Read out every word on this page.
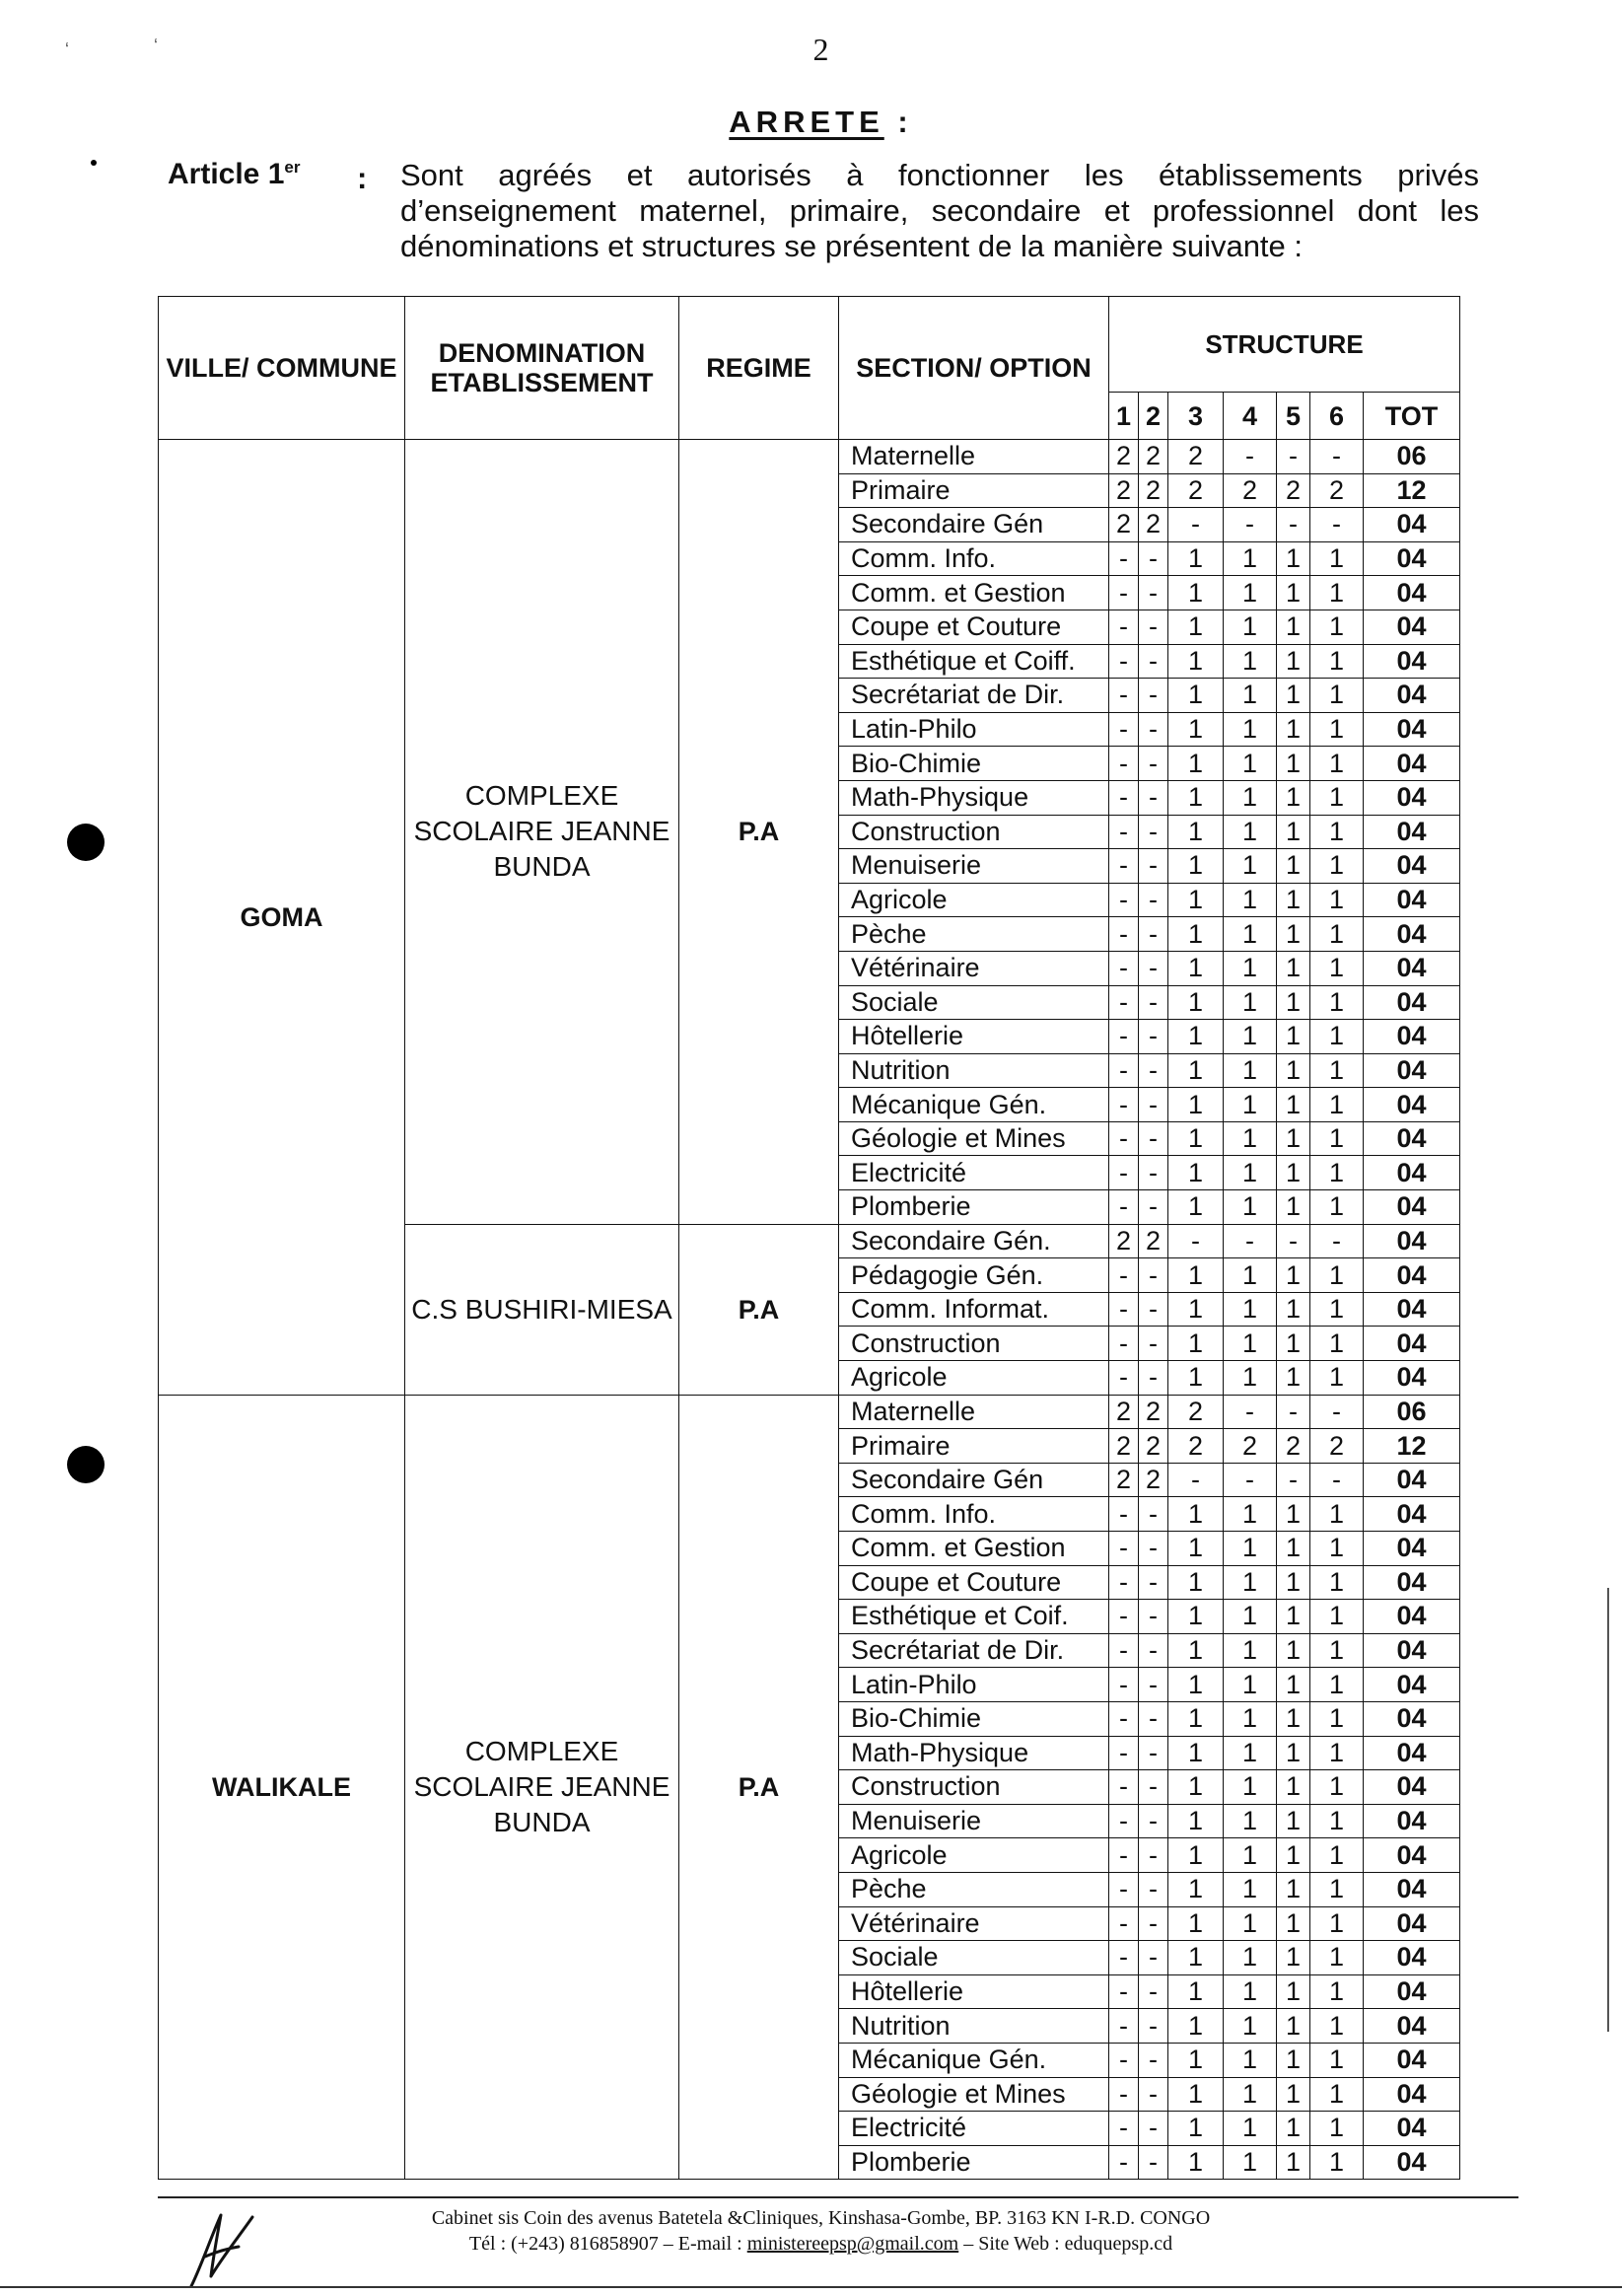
2
ARRETE :
‘	‘
Article 1er : Sont agréés et autorisés à fonctionner les établissements privés d’enseignement maternel, primaire, secondaire et professionnel dont les dénominations et structures se présentent de la manière suivante :
VILLE/ COMMUNE	DENOMINATION ETABLISSEMENT	REGIME	SECTION/ OPTION	STRUCTURE						
				1	2	3	4	5	6	TOT
GOMA	COMPLEXE SCOLAIRE JEANNE BUNDA	P.A	Maternelle	2	2	2	-	-	-	06
			Primaire	2	2	2	2	2	2	12
			Secondaire Gén	2	2	-	-	-	-	04
			Comm. Info.	-	-	1	1	1	1	04
			Comm. et Gestion	-	-	1	1	1	1	04
			Coupe et Couture	-	-	1	1	1	1	04
			Esthétique et Coiff.	-	-	1	1	1	1	04
			Secrétariat de Dir.	-	-	1	1	1	1	04
			Latin-Philo	-	-	1	1	1	1	04
			Bio-Chimie	-	-	1	1	1	1	04
			Math-Physique	-	-	1	1	1	1	04
			Construction	-	-	1	1	1	1	04
			Menuiserie	-	-	1	1	1	1	04
			Agricole	-	-	1	1	1	1	04
			Pèche	-	-	1	1	1	1	04
			Vétérinaire	-	-	1	1	1	1	04
			Sociale	-	-	1	1	1	1	04
			Hôtellerie	-	-	1	1	1	1	04
			Nutrition	-	-	1	1	1	1	04
			Mécanique Gén.	-	-	1	1	1	1	04
			Géologie et Mines	-	-	1	1	1	1	04
			Electricité	-	-	1	1	1	1	04
			Plomberie	-	-	1	1	1	1	04
	C.S BUSHIRI-MIESA	P.A	Secondaire Gén.	2	2	-	-	-	-	04
			Pédagogie Gén.	-	-	1	1	1	1	04
			Comm. Informat.	-	-	1	1	1	1	04
			Construction	-	-	1	1	1	1	04
			Agricole	-	-	1	1	1	1	04
WALIKALE	COMPLEXE SCOLAIRE JEANNE BUNDA	P.A	Maternelle	2	2	2	-	-	-	06
			Primaire	2	2	2	2	2	2	12
			Secondaire Gén	2	2	-	-	-	-	04
			Comm. Info.	-	-	1	1	1	1	04
			Comm. et Gestion	-	-	1	1	1	1	04
			Coupe et Couture	-	-	1	1	1	1	04
			Esthétique et Coif.	-	-	1	1	1	1	04
			Secrétariat de Dir.	-	-	1	1	1	1	04
			Latin-Philo	-	-	1	1	1	1	04
			Bio-Chimie	-	-	1	1	1	1	04
			Math-Physique	-	-	1	1	1	1	04
			Construction	-	-	1	1	1	1	04
			Menuiserie	-	-	1	1	1	1	04
			Agricole	-	-	1	1	1	1	04
			Pèche	-	-	1	1	1	1	04
			Vétérinaire	-	-	1	1	1	1	04
			Sociale	-	-	1	1	1	1	04
			Hôtellerie	-	-	1	1	1	1	04
			Nutrition	-	-	1	1	1	1	04
			Mécanique Gén.	-	-	1	1	1	1	04
			Géologie et Mines	-	-	1	1	1	1	04
			Electricité	-	-	1	1	1	1	04
			Plomberie	-	-	1	1	1	1	04
Cabinet sis Coin des avenus Batetela &Cliniques, Kinshasa-Gombe, BP. 3163 KN I-R.D. CONGO
Tél : (+243) 816858907 – E-mail : ministereepsp@gmail.com – Site Web : eduquepsp.cd
